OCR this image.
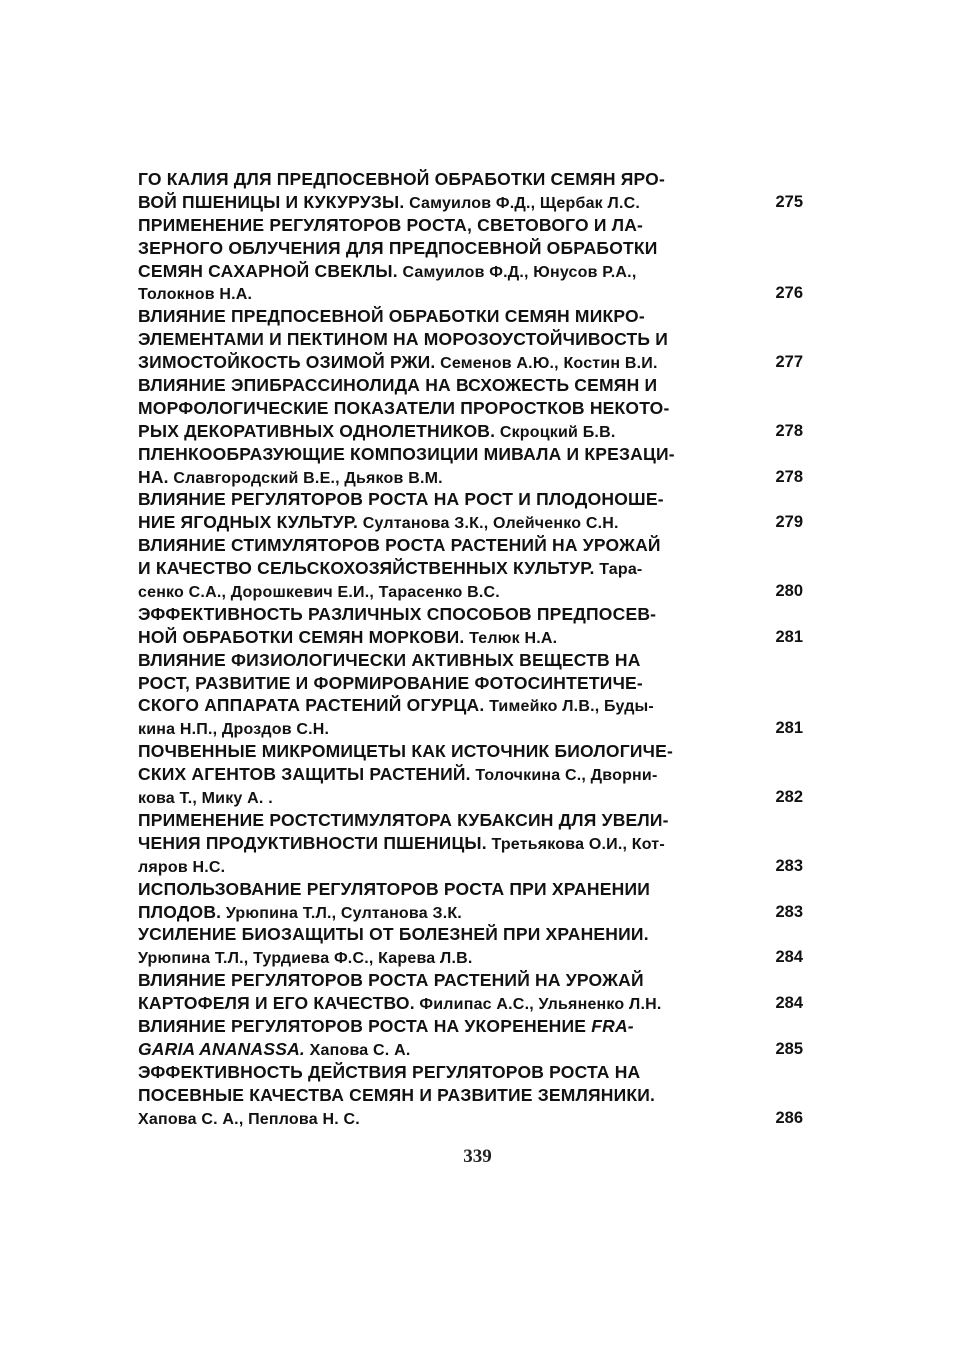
ГО КАЛИЯ ДЛЯ ПРЕДПОСЕВНОЙ ОБРАБОТКИ СЕМЯН ЯРО-
ВОЙ ПШЕНИЦЫ И КУКУРУЗЫ. Самуилов Ф.Д., Щербак Л.С.	275
ПРИМЕНЕНИЕ РЕГУЛЯТОРОВ РОСТА, СВЕТОВОГО И ЛА-
ЗЕРНОГО ОБЛУЧЕНИЯ ДЛЯ ПРЕДПОСЕВНОЙ ОБРАБОТКИ
СЕМЯН САХАРНОЙ СВЕКЛЫ. Самуилов Ф.Д., Юнусов Р.А.,
Толокнов Н.А.	276
ВЛИЯНИЕ ПРЕДПОСЕВНОЙ ОБРАБОТКИ СЕМЯН МИКРО-
ЭЛЕМЕНТАМИ И ПЕКТИНОМ НА МОРОЗОУСТОЙЧИВОСТЬ И
ЗИМОСТОЙКОСТЬ ОЗИМОЙ РЖИ. Семенов А.Ю., Костин В.И.	277
ВЛИЯНИЕ ЭПИБРАССИНОЛИДА НА ВСХОЖЕСТЬ СЕМЯН И
МОРФОЛОГИЧЕСКИЕ ПОКАЗАТЕЛИ ПРОРОСТКОВ НЕКОТО-
РЫХ ДЕКОРАТИВНЫХ ОДНОЛЕТНИКОВ. Скроцкий Б.В.	278
ПЛЕНКООБРАЗУЮЩИЕ КОМПОЗИЦИИ МИВАЛА И КРЕЗАЦИ-
НА. Славгородский В.Е., Дьяков В.М.	278
ВЛИЯНИЕ РЕГУЛЯТОРОВ РОСТА НА РОСТ И ПЛОДОНОШЕ-
НИЕ ЯГОДНЫХ КУЛЬТУР. Султанова З.К., Олейченко С.Н.	279
ВЛИЯНИЕ СТИМУЛЯТОРОВ РОСТА РАСТЕНИЙ НА УРОЖАЙ
И КАЧЕСТВО СЕЛЬСКОХОЗЯЙСТВЕННЫХ КУЛЬТУР. Тара-
сенко С.А., Дорошкевич Е.И., Тарасенко В.С.	280
ЭФФЕКТИВНОСТЬ РАЗЛИЧНЫХ СПОСОБОВ ПРЕДПОСЕВ-
НОЙ ОБРАБОТКИ СЕМЯН МОРКОВИ. Телюк Н.А.	281
ВЛИЯНИЕ ФИЗИОЛОГИЧЕСКИ АКТИВНЫХ ВЕЩЕСТВ НА
РОСТ, РАЗВИТИЕ И ФОРМИРОВАНИЕ ФОТОСИНТЕТИЧЕ-
СКОГО АППАРАТА РАСТЕНИЙ ОГУРЦА. Тимейко Л.В., Буды-
кина Н.П., Дроздов С.Н.	281
ПОЧВЕННЫЕ МИКРОМИЦЕТЫ КАК ИСТОЧНИК БИОЛОГИЧЕ-
СКИХ АГЕНТОВ ЗАЩИТЫ РАСТЕНИЙ. Толочкина С., Дворни-
кова Т., Мику А. .	282
ПРИМЕНЕНИЕ РОСТСТИМУЛЯТОРА КУБАКСИН ДЛЯ УВЕЛИ-
ЧЕНИЯ ПРОДУКТИВНОСТИ ПШЕНИЦЫ. Третьякова О.И., Кот-
ляров Н.С.	283
ИСПОЛЬЗОВАНИЕ РЕГУЛЯТОРОВ РОСТА ПРИ ХРАНЕНИИ
ПЛОДОВ. Урюпина Т.Л., Султанова З.К.	283
УСИЛЕНИЕ БИОЗАЩИТЫ ОТ БОЛЕЗНЕЙ ПРИ ХРАНЕНИИ.
Урюпина Т.Л., Турдиева Ф.С., Карева Л.В.	284
ВЛИЯНИЕ РЕГУЛЯТОРОВ РОСТА РАСТЕНИЙ НА УРОЖАЙ
КАРТОФЕЛЯ И ЕГО КАЧЕСТВО. Филипас А.С., Ульяненко Л.Н.	284
ВЛИЯНИЕ РЕГУЛЯТОРОВ РОСТА НА УКОРЕНЕНИЕ FRA-
GARIA ANANASSA. Хапова С. А.	285
ЭФФЕКТИВНОСТЬ ДЕЙСТВИЯ РЕГУЛЯТОРОВ РОСТА НА
ПОСЕВНЫЕ КАЧЕСТВА СЕМЯН И РАЗВИТИЕ ЗЕМЛЯНИКИ.
Хапова С. А., Пеплова Н. С.	286
339
